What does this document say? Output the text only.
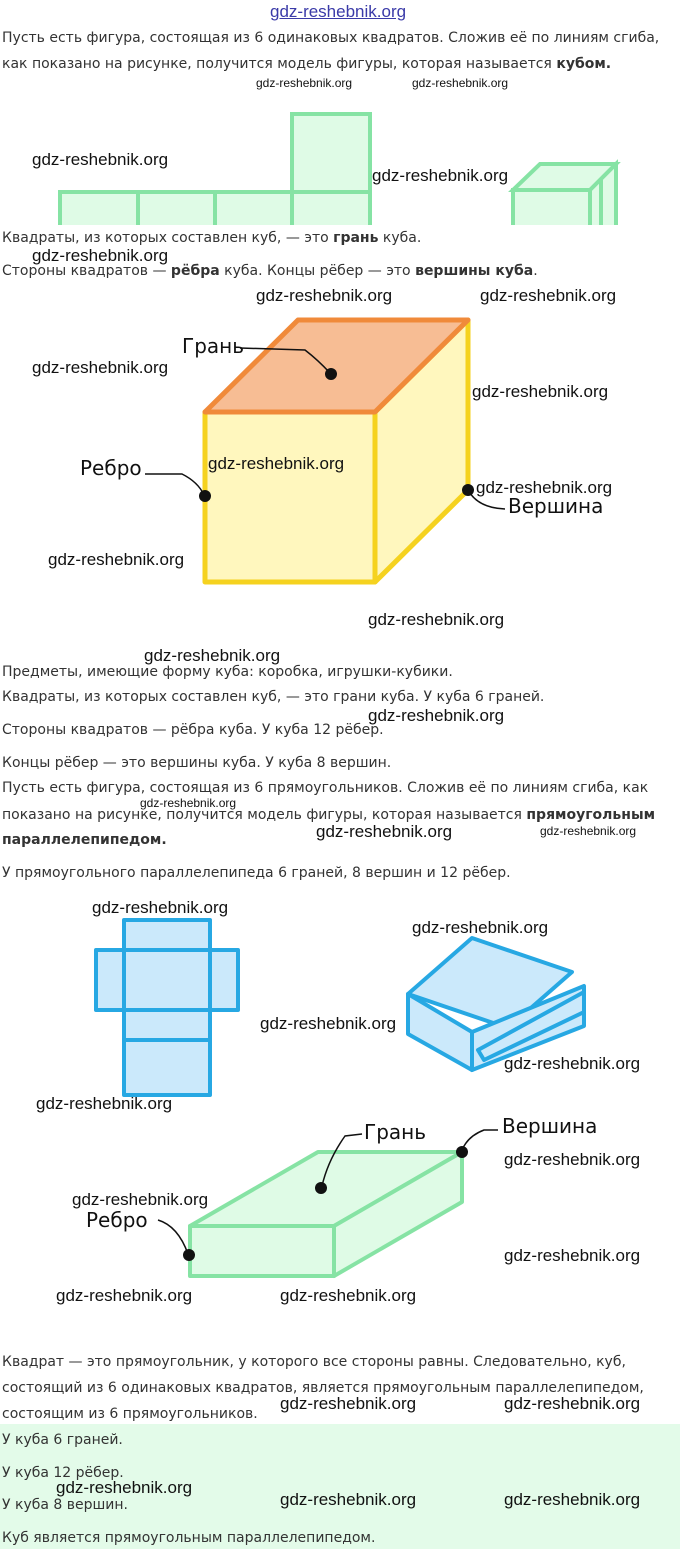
gdz-reshebnik.org
Пусть есть фигура, состоящая из 6 одинаковых квадратов. Сложив её по линиям сгиба,
как показано на рисунке, получится модель фигуры, которая называется кубом.
gdz-reshebnik.org	gdz-reshebnik.org
gdz-reshebnik.org
gdz-reshebnik.org
Квадраты, из которых составлен куб, — это грань куба.
gdz-reshebnik.org
Стороны квадратов — рёбра куба. Концы рёбер — это вершины куба.
gdz-reshebnik.org	gdz-reshebnik.org
Грань
Ребро
Вершина
gdz-reshebnik.org
gdz-reshebnik.org
gdz-reshebnik.org
gdz-reshebnik.org
gdz-reshebnik.org
gdz-reshebnik.org
gdz-reshebnik.org
Предметы, имеющие форму куба: коробка, игрушки-кубики.
Квадраты, из которых составлен куб, — это грани куба. У куба 6 граней.
gdz-reshebnik.org
Стороны квадратов — рёбра куба. У куба 12 рёбер.
Концы рёбер — это вершины куба. У куба 8 вершин.
Пусть есть фигура, состоящая из 6 прямоугольников. Сложив её по линиям сгиба, как
gdz-reshebnik.org
показано на рисунке, получится модель фигуры, которая называется прямоугольным
gdz-reshebnik.org
параллелепипедом.	gdz-reshebnik.org
У прямоугольного параллелепипеда 6 граней, 8 вершин и 12 рёбер.
gdz-reshebnik.org
gdz-reshebnik.org
gdz-reshebnik.org
gdz-reshebnik.org
gdz-reshebnik.org
Грань	Вершина
Ребро
gdz-reshebnik.org
gdz-reshebnik.org
gdz-reshebnik.org
gdz-reshebnik.org	gdz-reshebnik.org
Квадрат — это прямоугольник, у которого все стороны равны. Следовательно, куб,
состоящий из 6 одинаковых квадратов, является прямоугольным параллелепипедом,
состоящим из 6 прямоугольников.
gdz-reshebnik.org	gdz-reshebnik.org
У куба 6 граней.
У куба 12 рёбер.
gdz-reshebnik.org
У куба 8 вершин.	gdz-reshebnik.org	gdz-reshebnik.org
Куб является прямоугольным параллелепипедом.
